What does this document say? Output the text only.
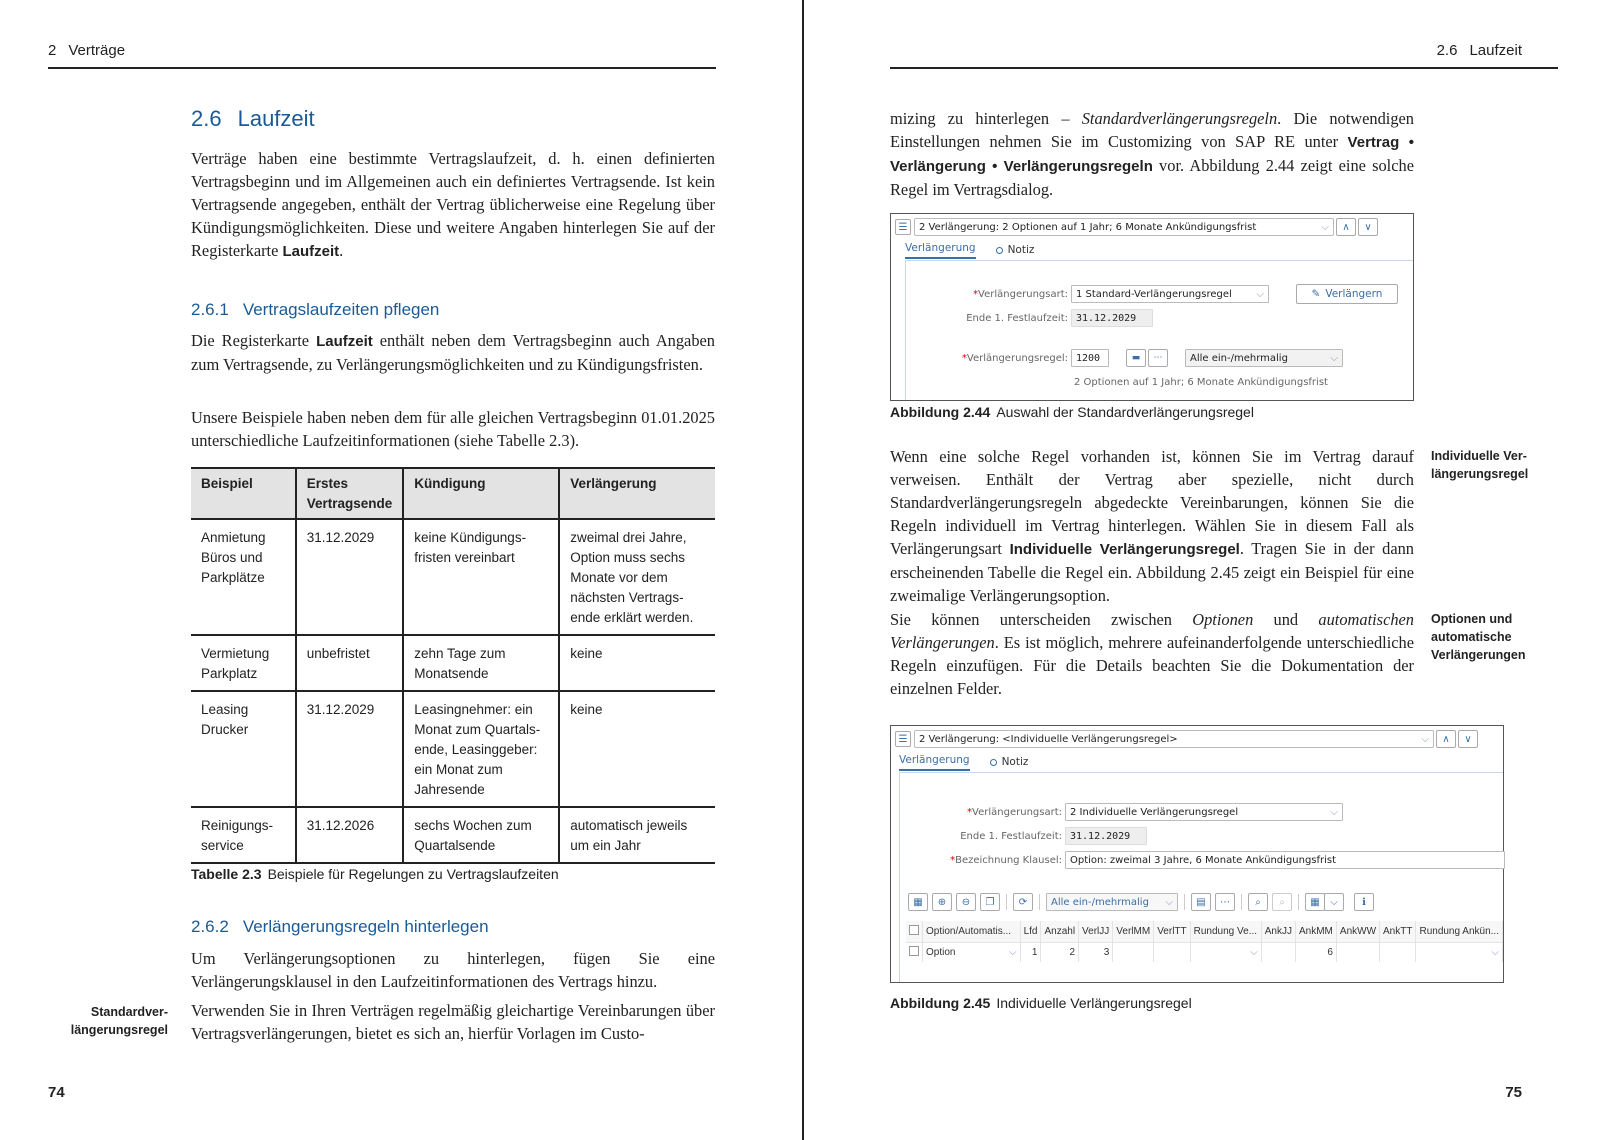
2 Verträge
2.6 Laufzeit

Verträge haben eine bestimmte Vertragslaufzeit, d. h. einen definierten Vertragsbeginn und im Allgemeinen auch ein definiertes Vertragsende. Ist kein Vertragsende angegeben, enthält der Vertrag üblicherweise eine Regelung über Kündigungsmöglichkeiten. Diese und weitere Angaben hinterlegen Sie auf der Registerkarte Laufzeit.

2.6.1 Vertragslaufzeiten pflegen

Die Registerkarte Laufzeit enthält neben dem Vertragsbeginn auch Angaben zum Vertragsende, zu Verlängerungsmöglichkeiten und zu Kündigungsfristen.

Unsere Beispiele haben neben dem für alle gleichen Vertragsbeginn 01.01.2025 unterschiedliche Laufzeitinformationen (siehe Tabelle 2.3).

Beispiel	Erstes Vertragsende	Kündigung	Verlängerung
Anmietung Büros und Parkplätze	31.12.2029	keine Kündigungs-fristen vereinbart	zweimal drei Jahre, Option muss sechs Monate vor dem nächsten Vertrags-ende erklärt werden.
Vermietung Parkplatz	unbefristet	zehn Tage zum Monatsende	keine
Leasing Drucker	31.12.2029	Leasingnehmer: ein Monat zum Quartals-ende, Leasinggeber: ein Monat zum Jahresende	keine
Reinigungs-service	31.12.2026	sechs Wochen zum Quartalsende	automatisch jeweils um ein Jahr
Tabelle 2.3 Beispiele für Regelungen zu Vertragslaufzeiten
2.6.2 Verlängerungsregeln hinterlegen

Um Verlängerungsoptionen zu hinterlegen, fügen Sie eine Verlängerungsklausel in den Laufzeitinformationen des Vertrags hinzu.

Standardver-längerungsregel

Verwenden Sie in Ihren Verträgen regelmäßig gleichartige Vereinbarungen über Vertragsverlängerungen, bietet es sich an, hierfür Vorlagen im Custo-

74
2.6 Laufzeit

mizing zu hinterlegen – Standardverlängerungsregeln. Die notwendigen Einstellungen nehmen Sie im Customizing von SAP RE unter Vertrag • Verlängerung • Verlängerungsregeln vor. Abbildung 2.44 zeigt eine solche Regel im Vertragsdialog.

☰	2 Verlängerung: 2 Optionen auf 1 Jahr; 6 Monate Ankündigungsfrist	⌵	∧	∨
Verlängerung	Notiz
*Verlängerungsart: 1 Standard-Verlängerungsregel ⌵	✎ Verlängern
Ende 1. Festlaufzeit: 31.12.2029
*Verlängerungsregel: 1200	▬	⋯	Alle ein-/mehrmalig	⌵
2 Optionen auf 1 Jahr; 6 Monate Ankündigungsfrist
Abbildung 2.44 Auswahl der Standardverlängerungsregel

Wenn eine solche Regel vorhanden ist, können Sie im Vertrag darauf verweisen. Enthält der Vertrag aber spezielle, nicht durch Standardverlängerungsregeln abgedeckte Vereinbarungen, können Sie die Regeln individuell im Vertrag hinterlegen. Wählen Sie in diesem Fall als Verlängerungsart Individuelle Verlängerungsregel. Tragen Sie in der dann erscheinenden Tabelle die Regel ein. Abbildung 2.45 zeigt ein Beispiel für eine zweimalige Verlängerungsoption.

Individuelle Ver-längerungsregel

Sie können unterscheiden zwischen Optionen und automatischen Verlängerungen. Es ist möglich, mehrere aufeinanderfolgende unterschiedliche Regeln einzufügen. Für die Details beachten Sie die Dokumentation der einzelnen Felder.

Optionen und automatische Verlängerungen
☰	2 Verlängerung: <Individuelle Verlängerungsregel>	⌵	∧	∨
Verlängerung	Notiz
*Verlängerungsart: 2 Individuelle Verlängerungsregel	⌵
Ende 1. Festlaufzeit: 31.12.2029
*Bezeichnung Klausel: Option: zweimal 3 Jahre, 6 Monate Ankündigungsfrist
▦	⊕	⊖	❐	⟳	Alle ein-/mehrmalig ⌵	▤	⋯	⌕	⌕	▦	⌵	ℹ
	Option/Automatis...	Lfd	Anzahl	VerlJJ	VerlMM	VerlTT	Rundung Ve...	AnkJJ	AnkMM	AnkWW	AnkTT	Rundung Ankün...
	Option ⌵	1	2	3			⌵		6			⌵
Abbildung 2.45 Individuelle Verlängerungsregel
75
